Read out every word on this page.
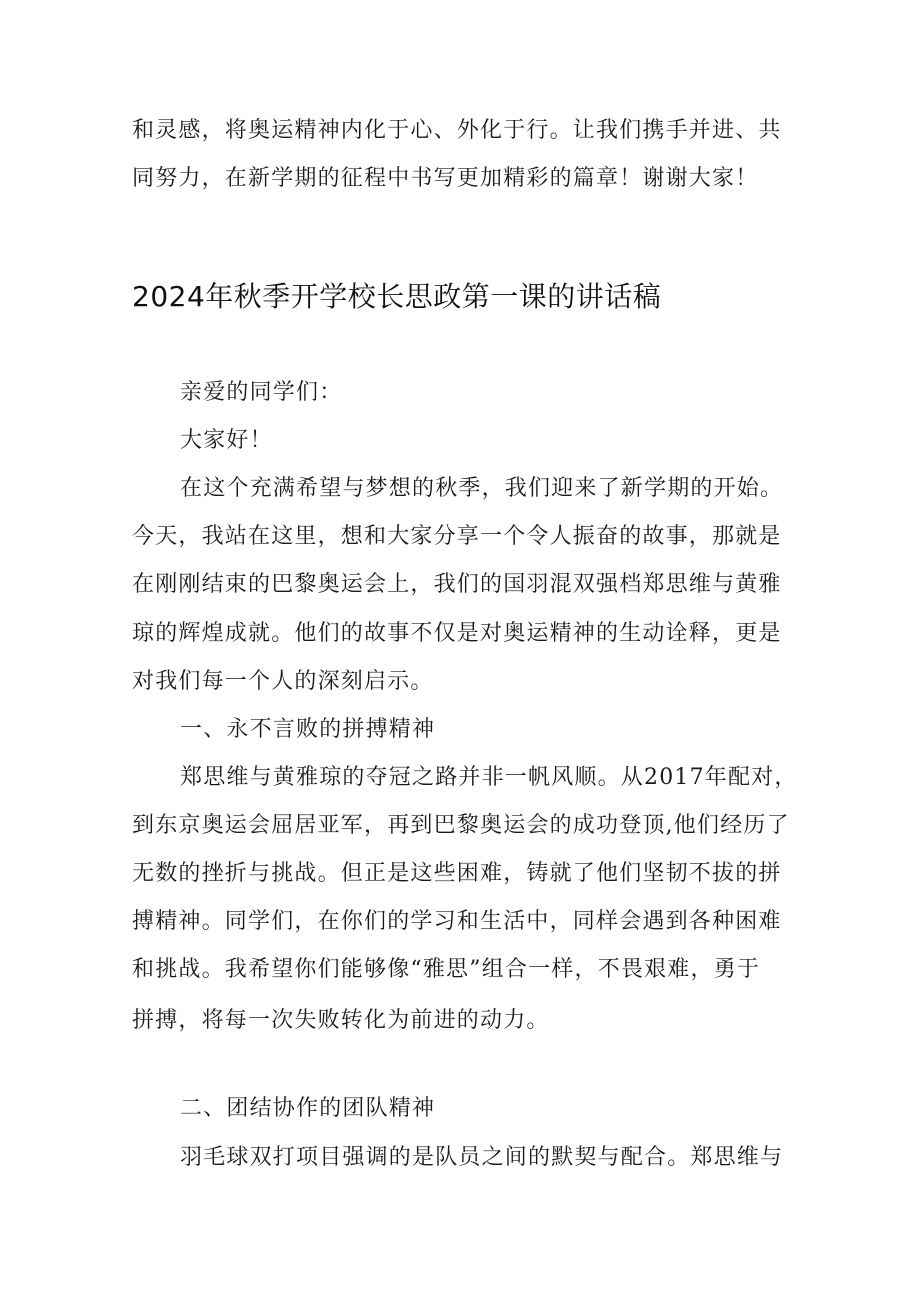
和灵感，将奥运精神内化于心、外化于行。让我们携手并进、共
同努力，在新学期的征程中书写更加精彩的篇章！谢谢大家！
2024年秋季开学校长思政第一课的讲话稿
亲爱的同学们：
大家好！
在这个充满希望与梦想的秋季，我们迎来了新学期的开始。
今天，我站在这里，想和大家分享一个令人振奋的故事，那就是
在刚刚结束的巴黎奥运会上，我们的国羽混双强档郑思维与黄雅
琼的辉煌成就。他们的故事不仅是对奥运精神的生动诠释，更是
对我们每一个人的深刻启示。
一、永不言败的拼搏精神
郑思维与黄雅琼的夺冠之路并非一帆风顺。从2017年配对，
到东京奥运会屈居亚军，再到巴黎奥运会的成功登顶,他们经历了
无数的挫折与挑战。但正是这些困难，铸就了他们坚韧不拔的拼
搏精神。同学们，在你们的学习和生活中，同样会遇到各种困难
和挑战。我希望你们能够像“雅思”组合一样，不畏艰难，勇于
拼搏，将每一次失败转化为前进的动力。
二、团结协作的团队精神
羽毛球双打项目强调的是队员之间的默契与配合。郑思维与
